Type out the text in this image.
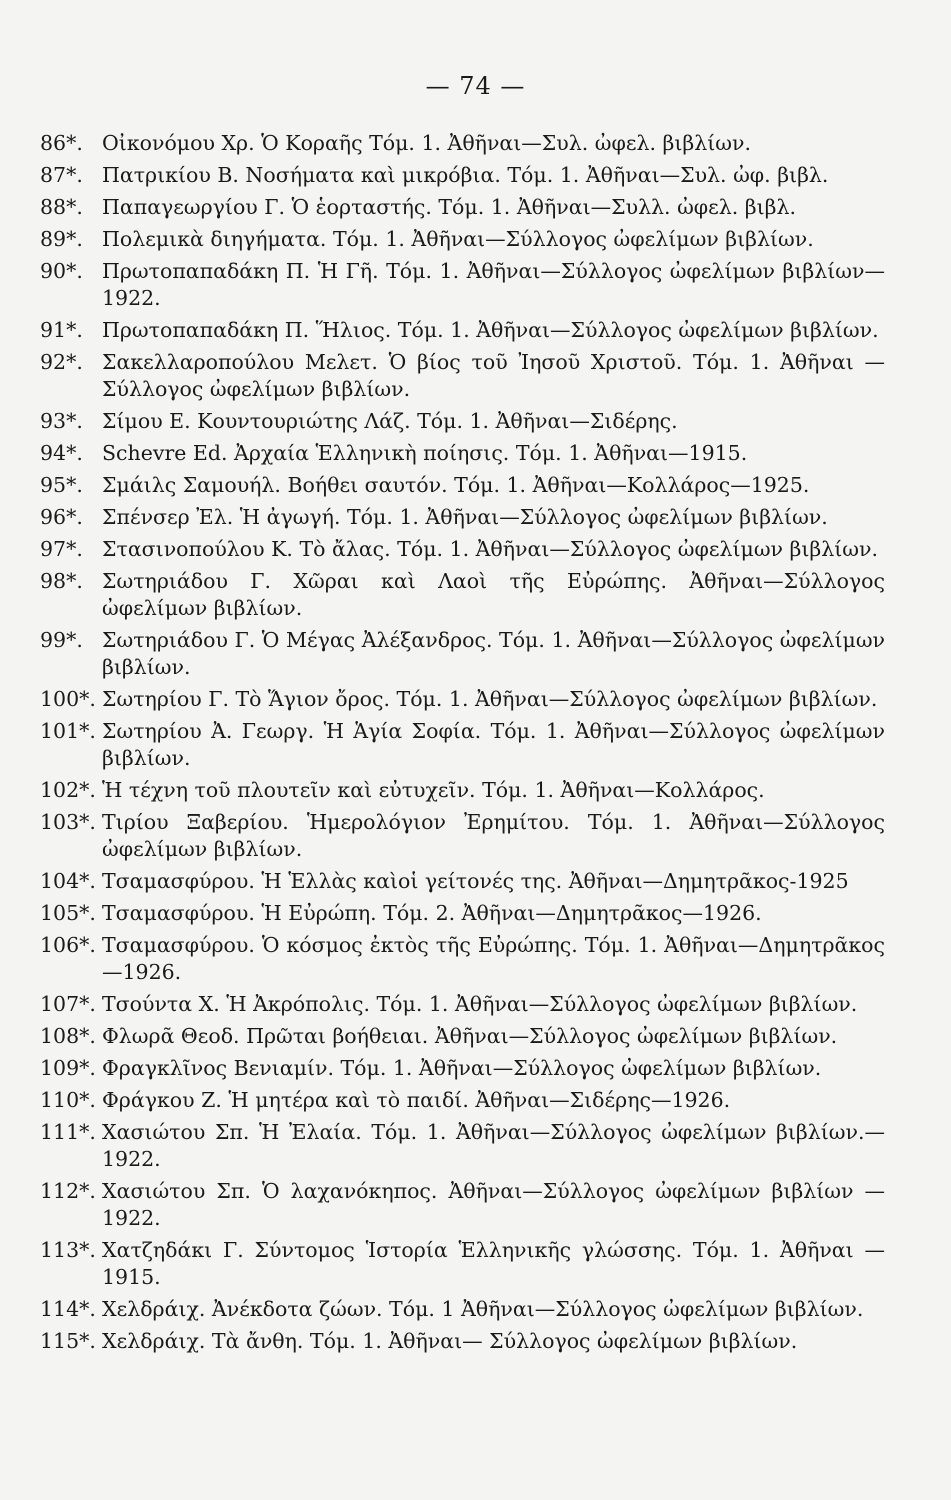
— 74 —
86*. Οἰκονόμου Χρ. Ὁ Κοραῆς Τόμ. 1. Ἀθῆναι—Συλ. ὠφελ. βιβλίων.
87*. Πατρικίου Β. Νοσήματα καὶ μικρόβια. Τόμ. 1. Ἀθῆναι—Συλ. ὠφ. βιβλ.
88*. Παπαγεωργίου Γ. Ὁ ἑορταστής. Τόμ. 1. Ἀθῆναι—Συλλ. ὠφελ. βιβλ.
89*. Πολεμικὰ διηγήματα. Τόμ. 1. Ἀθῆναι—Σύλλογος ὠφελίμων βιβλίων.
90*. Πρωτοπαπαδάκη Π. Ἡ Γῆ. Τόμ. 1. Ἀθῆναι—Σύλλογος ὠφελίμων βιβλίων—1922.
91*. Πρωτοπαπαδάκη Π. Ἥλιος. Τόμ. 1. Ἀθῆναι—Σύλλογος ὠφελίμων βιβλίων.
92*. Σακελλαροπούλου Μελετ. Ὁ βίος τοῦ Ἰησοῦ Χριστοῦ. Τόμ. 1. Ἀθῆναι —Σύλλογος ὠφελίμων βιβλίων.
93*. Σίμου Ε. Κουντουριώτης Λάζ. Τόμ. 1. Ἀθῆναι—Σιδέρης.
94*. Schevre Ed. Ἀρχαία Ἑλληνικὴ ποίησις. Τόμ. 1. Ἀθῆναι—1915.
95*. Σμάιλς Σαμουήλ. Βοήθει σαυτόν. Τόμ. 1. Ἀθῆναι—Κολλάρος—1925.
96*. Σπένσερ Ἐλ. Ἡ ἀγωγή. Τόμ. 1. Ἀθῆναι—Σύλλογος ὠφελίμων βιβλίων.
97*. Στασινοπούλου Κ. Τὸ ἄλας. Τόμ. 1. Ἀθῆναι—Σύλλογος ὠφελίμων βιβλίων.
98*. Σωτηριάδου Γ. Χῶραι καὶ Λαοὶ τῆς Εὐρώπης. Ἀθῆναι—Σύλλογος ὠφελίμων βιβλίων.
99*. Σωτηριάδου Γ. Ὁ Μέγας Ἀλέξανδρος. Τόμ. 1. Ἀθῆναι—Σύλλογος ὠφελίμων βιβλίων.
100*. Σωτηρίου Γ. Τὸ Ἅγιον ὄρος. Τόμ. 1. Ἀθῆναι—Σύλλογος ὠφελίμων βιβλίων.
101*. Σωτηρίου Ἀ. Γεωργ. Ἡ Ἁγία Σοφία. Τόμ. 1. Ἀθῆναι—Σύλλογος ὠφελίμων βιβλίων.
102*. Ἡ τέχνη τοῦ πλουτεῖν καὶ εὐτυχεῖν. Τόμ. 1. Ἀθῆναι—Κολλάρος.
103*. Τιρίου Ξαβερίου. Ἡμερολόγιον Ἐρημίτου. Τόμ. 1. Ἀθῆναι—Σύλλογος ὠφελίμων βιβλίων.
104*. Τσαμασφύρου. Ἡ Ἑλλὰς καὶοἱ γείτονές της. Ἀθῆναι—Δημητρᾶκος-1925
105*. Τσαμασφύρου. Ἡ Εὐρώπη. Τόμ. 2. Ἀθῆναι—Δημητρᾶκος—1926.
106*. Τσαμασφύρου. Ὁ κόσμος ἐκτὸς τῆς Εὐρώπης. Τόμ. 1. Ἀθῆναι—Δημητρᾶκος—1926.
107*. Τσούντα Χ. Ἡ Ἀκρόπολις. Τόμ. 1. Ἀθῆναι—Σύλλογος ὠφελίμων βιβλίων.
108*. Φλωρᾶ Θεοδ. Πρῶται βοήθειαι. Ἀθῆναι—Σύλλογος ὠφελίμων βιβλίων.
109*. Φραγκλῖνος Βενιαμίν. Τόμ. 1. Ἀθῆναι—Σύλλογος ὠφελίμων βιβλίων.
110*. Φράγκου Ζ. Ἡ μητέρα καὶ τὸ παιδί. Ἀθῆναι—Σιδέρης—1926.
111*. Χασιώτου Σπ. Ἡ Ἐλαία. Τόμ. 1. Ἀθῆναι—Σύλλογος ὠφελίμων βιβλίων.—1922.
112*. Χασιώτου Σπ. Ὁ λαχανόκηπος. Ἀθῆναι—Σύλλογος ὠφελίμων βιβλίων —1922.
113*. Χατζηδάκι Γ. Σύντομος Ἱστορία Ἑλληνικῆς γλώσσης. Τόμ. 1. Ἀθῆναι —1915.
114*. Χελδράιχ. Ἀνέκδοτα ζώων. Τόμ. 1 Ἀθῆναι—Σύλλογος ὠφελίμων βιβλίων.
115*. Χελδράιχ. Τὰ ἄνθη. Τόμ. 1. Ἀθῆναι— Σύλλογος ὠφελίμων βιβλίων.
